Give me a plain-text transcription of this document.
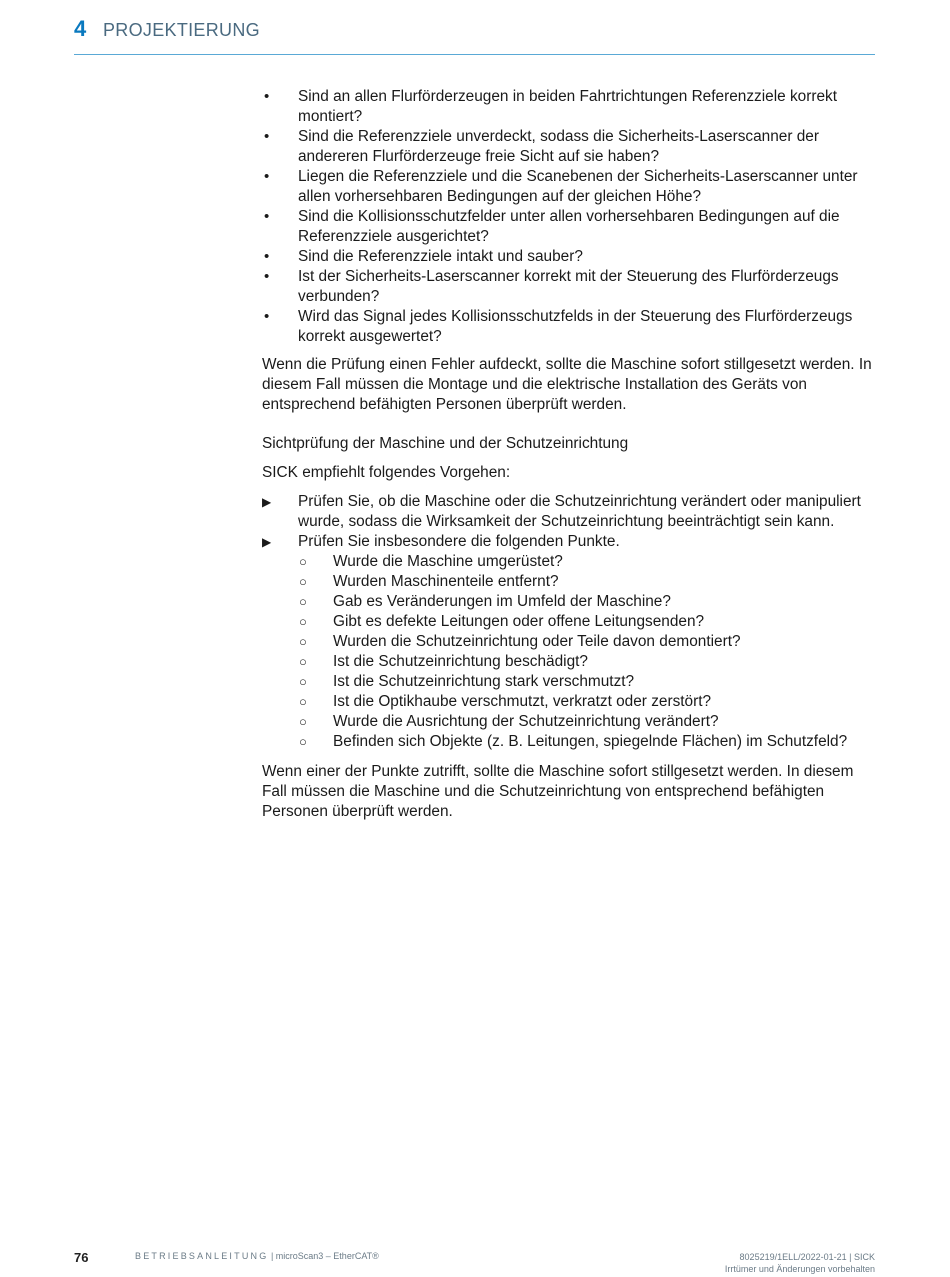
4 PROJEKTIERUNG
• Sind an allen Flurförderzeugen in beiden Fahrtrichtungen Referenzziele korrekt montiert?
• Sind die Referenzziele unverdeckt, sodass die Sicherheits-Laserscanner der andereren Flurförderzeuge freie Sicht auf sie haben?
• Liegen die Referenzziele und die Scanebenen der Sicherheits-Laserscanner unter allen vorhersehbaren Bedingungen auf der gleichen Höhe?
• Sind die Kollisionsschutzfelder unter allen vorhersehbaren Bedingungen auf die Referenzziele ausgerichtet?
• Sind die Referenzziele intakt und sauber?
• Ist der Sicherheits-Laserscanner korrekt mit der Steuerung des Flurförderzeugs verbunden?
• Wird das Signal jedes Kollisionsschutzfelds in der Steuerung des Flurförderzeugs korrekt ausgewertet?

Wenn die Prüfung einen Fehler aufdeckt, sollte die Maschine sofort stillgesetzt werden. In diesem Fall müssen die Montage und die elektrische Installation des Geräts von entsprechend befähigten Personen überprüft werden.

Sichtprüfung der Maschine und der Schutzeinrichtung

SICK empfiehlt folgendes Vorgehen:

▶ Prüfen Sie, ob die Maschine oder die Schutzeinrichtung verändert oder manipuliert wurde, sodass die Wirksamkeit der Schutzeinrichtung beeinträchtigt sein kann.
▶ Prüfen Sie insbesondere die folgenden Punkte.
○ Wurde die Maschine umgerüstet?
○ Wurden Maschinenteile entfernt?
○ Gab es Veränderungen im Umfeld der Maschine?
○ Gibt es defekte Leitungen oder offene Leitungsenden?
○ Wurden die Schutzeinrichtung oder Teile davon demontiert?
○ Ist die Schutzeinrichtung beschädigt?
○ Ist die Schutzeinrichtung stark verschmutzt?
○ Ist die Optikhaube verschmutzt, verkratzt oder zerstört?
○ Wurde die Ausrichtung der Schutzeinrichtung verändert?
○ Befinden sich Objekte (z. B. Leitungen, spiegelnde Flächen) im Schutzfeld?

Wenn einer der Punkte zutrifft, sollte die Maschine sofort stillgesetzt werden. In diesem Fall müssen die Maschine und die Schutzeinrichtung von entsprechend befähigten Personen überprüft werden.

76	BETRIEBSANLEITUNG | microScan3 – EtherCAT®	8025219/1ELL/2022-01-21 | SICK
Irrtümer und Änderungen vorbehalten
